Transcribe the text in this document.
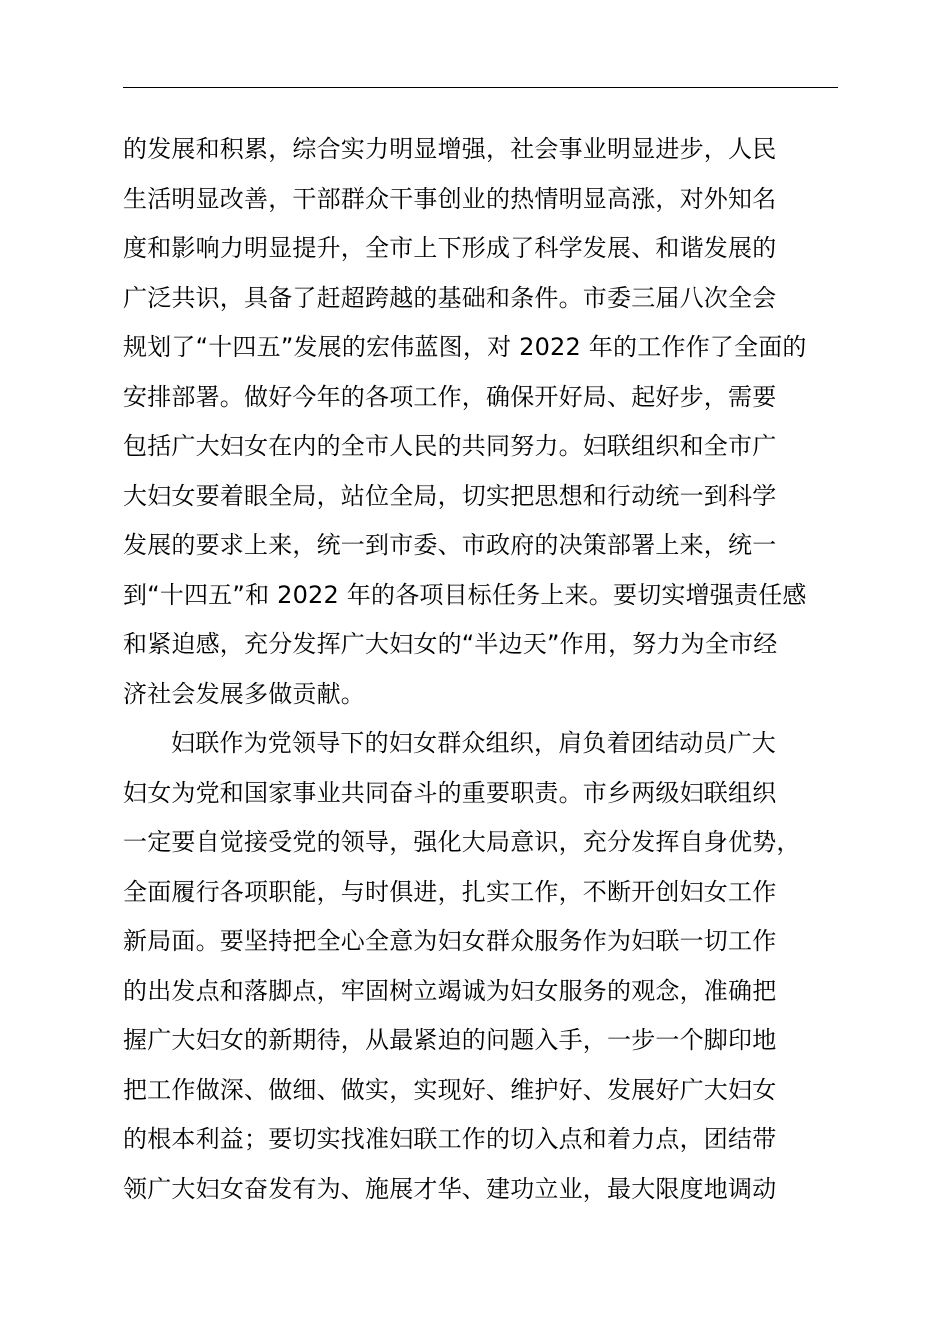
的发展和积累，综合实力明显增强，社会事业明显进步，人民
生活明显改善，干部群众干事创业的热情明显高涨，对外知名
度和影响力明显提升，全市上下形成了科学发展、和谐发展的
广泛共识，具备了赶超跨越的基础和条件。市委三届八次全会
规划了“十四五”发展的宏伟蓝图，对 2022 年的工作作了全面的
安排部署。做好今年的各项工作，确保开好局、起好步，需要
包括广大妇女在内的全市人民的共同努力。妇联组织和全市广
大妇女要着眼全局，站位全局，切实把思想和行动统一到科学
发展的要求上来，统一到市委、市政府的决策部署上来，统一
到“十四五”和 2022 年的各项目标任务上来。要切实增强责任感
和紧迫感，充分发挥广大妇女的“半边天”作用，努力为全市经
济社会发展多做贡献。
妇联作为党领导下的妇女群众组织，肩负着团结动员广大
妇女为党和国家事业共同奋斗的重要职责。市乡两级妇联组织
一定要自觉接受党的领导，强化大局意识，充分发挥自身优势，
全面履行各项职能，与时俱进，扎实工作，不断开创妇女工作
新局面。要坚持把全心全意为妇女群众服务作为妇联一切工作
的出发点和落脚点，牢固树立竭诚为妇女服务的观念，准确把
握广大妇女的新期待，从最紧迫的问题入手，一步一个脚印地
把工作做深、做细、做实，实现好、维护好、发展好广大妇女
的根本利益；要切实找准妇联工作的切入点和着力点，团结带
领广大妇女奋发有为、施展才华、建功立业，最大限度地调动
